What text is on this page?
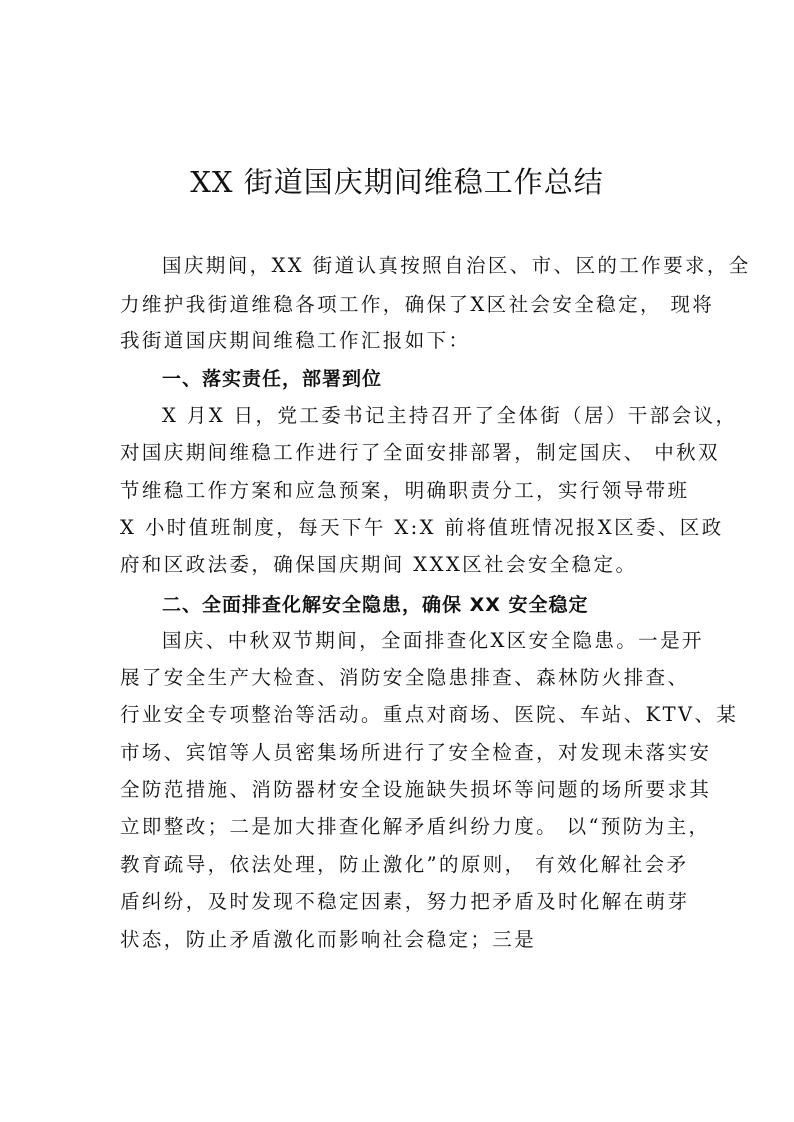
XX 街道国庆期间维稳工作总结
国庆期间，XX 街道认真按照自治区、市、区的工作要求，全
力维护我街道维稳各项工作，确保了X区社会安全稳定， 现将
我街道国庆期间维稳工作汇报如下：
一、落实责任，部署到位
X 月X 日，党工委书记主持召开了全体街（居）干部会议，
对国庆期间维稳工作进行了全面安排部署，制定国庆、 中秋双
节维稳工作方案和应急预案，明确职责分工，实行领导带班
X 小时值班制度，每天下午 X:X 前将值班情况报X区委、区政
府和区政法委，确保国庆期间 XXX区社会安全稳定。
二、全面排查化解安全隐患，确保 XX 安全稳定
国庆、中秋双节期间，全面排查化X区安全隐患。一是开
展了安全生产大检查、消防安全隐患排查、森林防火排查、
行业安全专项整治等活动。重点对商场、医院、车站、KTV、某
市场、宾馆等人员密集场所进行了安全检查，对发现未落实安
全防范措施、消防器材安全设施缺失损坏等问题的场所要求其
立即整改；二是加大排查化解矛盾纠纷力度。 以“预防为主，
教育疏导，依法处理，防止激化”的原则， 有效化解社会矛
盾纠纷，及时发现不稳定因素，努力把矛盾及时化解在萌芽
状态，防止矛盾激化而影响社会稳定；三是
